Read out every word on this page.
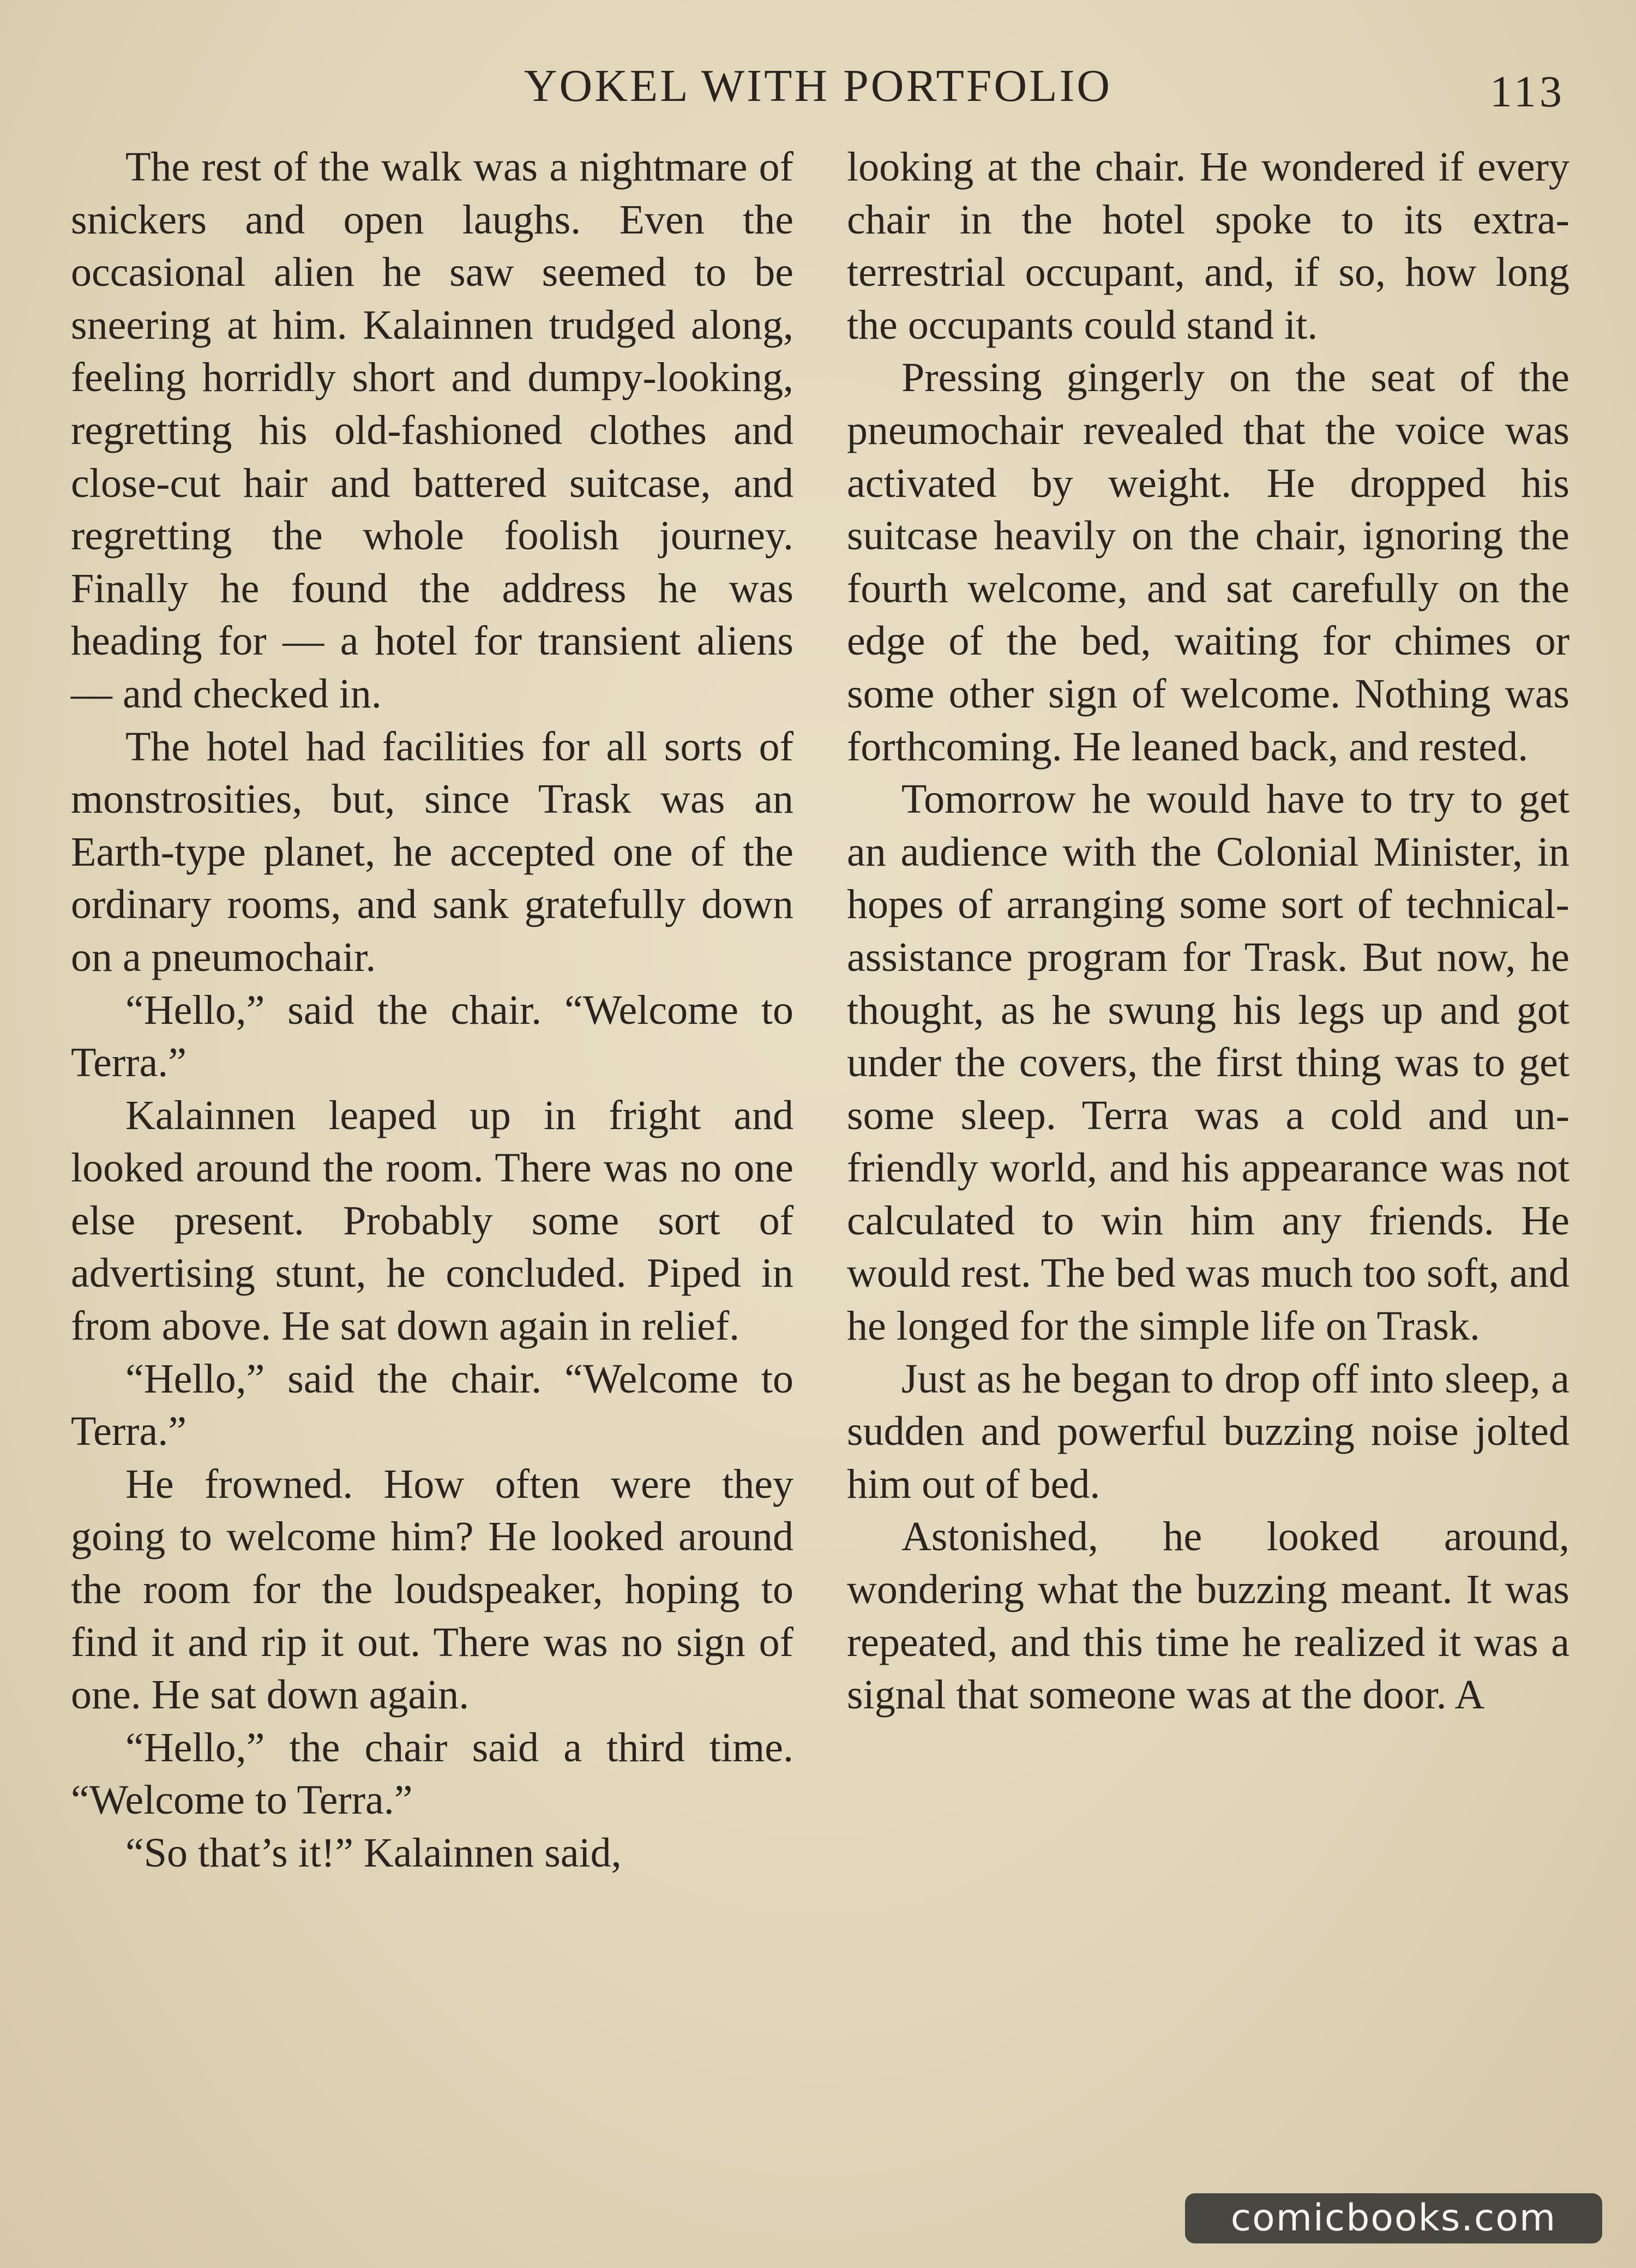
YOKEL WITH PORTFOLIO	113

The rest of the walk was a nightmare of snickers and open laughs. Even the occasional alien he saw seemed to be sneering at him. Kalainnen trudged along, feeling horridly short and dumpy-looking, regretting his old-fashioned clothes and close-cut hair and battered suitcase, and regretting the whole foolish journey. Finally he found the address he was heading for — a hotel for transient aliens — and checked in.

The hotel had facilities for all sorts of monstrosities, but, since Trask was an Earth-type planet, he accepted one of the ordinary rooms, and sank gratefully down on a pneumochair.

“Hello,” said the chair. “Welcome to Terra.”

Kalainnen leaped up in fright and looked around the room. There was no one else present. Probably some sort of advertising stunt, he concluded. Piped in from above. He sat down again in relief.

“Hello,” said the chair. “Welcome to Terra.”

He frowned. How often were they going to welcome him? He looked around the room for the loudspeaker, hoping to find it and rip it out. There was no sign of one. He sat down again.

“Hello,” the chair said a third time. “Welcome to Terra.”

“So that’s it!” Kalainnen said,

looking at the chair. He wondered if every chair in the hotel spoke to its extra-terrestrial occupant, and, if so, how long the occupants could stand it.

Pressing gingerly on the seat of the pneumochair revealed that the voice was activated by weight. He dropped his suitcase heavily on the chair, ignoring the fourth welcome, and sat carefully on the edge of the bed, waiting for chimes or some other sign of welcome. Nothing was forthcoming. He leaned back, and rested.

Tomorrow he would have to try to get an audience with the Colonial Minister, in hopes of arranging some sort of technical-assistance program for Trask. But now, he thought, as he swung his legs up and got under the covers, the first thing was to get some sleep. Terra was a cold and unfriendly world, and his appearance was not calculated to win him any friends. He would rest. The bed was much too soft, and he longed for the simple life on Trask.

Just as he began to drop off into sleep, a sudden and powerful buzzing noise jolted him out of bed.

Astonished, he looked around, wondering what the buzzing meant. It was repeated, and this time he realized it was a signal that someone was at the door. A

comicbooks.com
